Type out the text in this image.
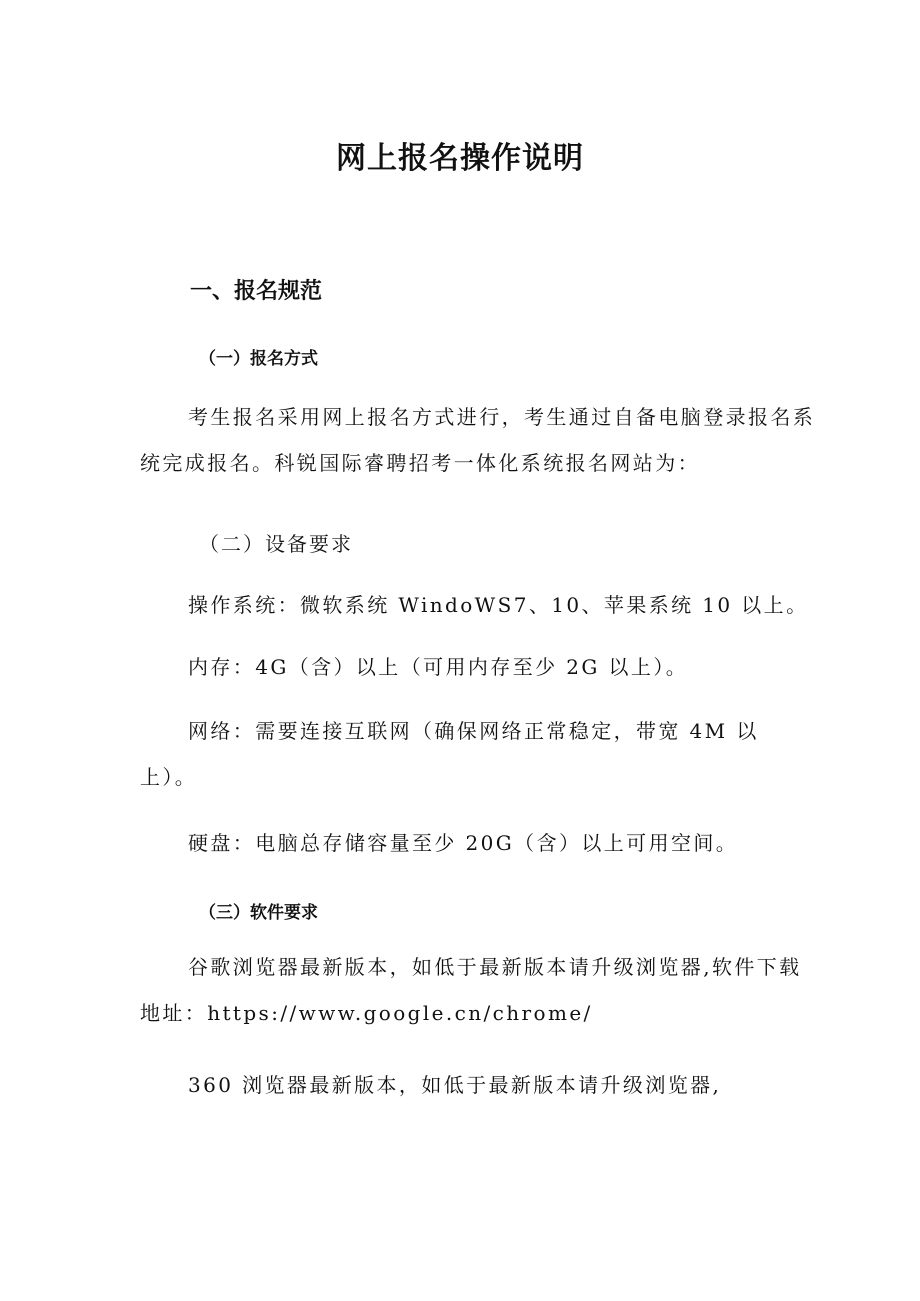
网上报名操作说明
一、报名规范
（一）报名方式
考生报名采用网上报名方式进行，考生通过自备电脑登录报名系统完成报名。科锐国际睿聘招考一体化系统报名网站为：
（二）设备要求
操作系统：微软系统 WindoWS7、10、苹果系统 10 以上。
内存：4G（含）以上（可用内存至少 2G 以上）。
网络：需要连接互联网（确保网络正常稳定，带宽 4M 以上）。
硬盘：电脑总存储容量至少 20G（含）以上可用空间。
（三）软件要求
谷歌浏览器最新版本，如低于最新版本请升级浏览器,软件下载地址：https://www.google.cn/chrome/
360 浏览器最新版本，如低于最新版本请升级浏览器,
